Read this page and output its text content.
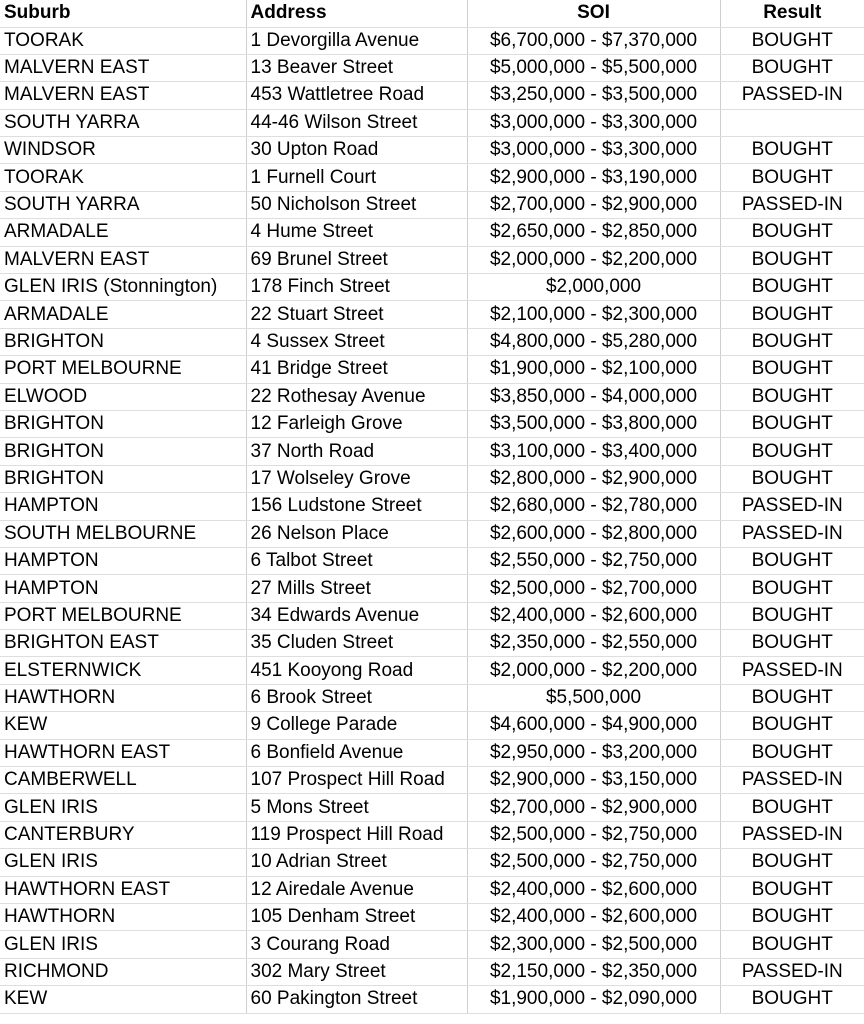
Suburb	Address	SOI	Result
TOORAK	1 Devorgilla Avenue	$6,700,000 - $7,370,000	BOUGHT
MALVERN EAST	13 Beaver Street	$5,000,000 - $5,500,000	BOUGHT
MALVERN EAST	453 Wattletree Road	$3,250,000 - $3,500,000	PASSED-IN
SOUTH YARRA	44-46 Wilson Street	$3,000,000 - $3,300,000	
WINDSOR	30 Upton Road	$3,000,000 - $3,300,000	BOUGHT
TOORAK	1 Furnell Court	$2,900,000 - $3,190,000	BOUGHT
SOUTH YARRA	50 Nicholson Street	$2,700,000 - $2,900,000	PASSED-IN
ARMADALE	4 Hume Street	$2,650,000 - $2,850,000	BOUGHT
MALVERN EAST	69 Brunel Street	$2,000,000 - $2,200,000	BOUGHT
GLEN IRIS (Stonnington)	178 Finch Street	$2,000,000	BOUGHT
ARMADALE	22 Stuart Street	$2,100,000 - $2,300,000	BOUGHT
BRIGHTON	4 Sussex Street	$4,800,000 - $5,280,000	BOUGHT
PORT MELBOURNE	41 Bridge Street	$1,900,000 - $2,100,000	BOUGHT
ELWOOD	22 Rothesay Avenue	$3,850,000 - $4,000,000	BOUGHT
BRIGHTON	12 Farleigh Grove	$3,500,000 - $3,800,000	BOUGHT
BRIGHTON	37 North Road	$3,100,000 - $3,400,000	BOUGHT
BRIGHTON	17 Wolseley Grove	$2,800,000 - $2,900,000	BOUGHT
HAMPTON	156 Ludstone Street	$2,680,000 - $2,780,000	PASSED-IN
SOUTH MELBOURNE	26 Nelson Place	$2,600,000 - $2,800,000	PASSED-IN
HAMPTON	6 Talbot Street	$2,550,000 - $2,750,000	BOUGHT
HAMPTON	27 Mills Street	$2,500,000 - $2,700,000	BOUGHT
PORT MELBOURNE	34 Edwards Avenue	$2,400,000 - $2,600,000	BOUGHT
BRIGHTON EAST	35 Cluden Street	$2,350,000 - $2,550,000	BOUGHT
ELSTERNWICK	451 Kooyong Road	$2,000,000 - $2,200,000	PASSED-IN
HAWTHORN	6 Brook Street	$5,500,000	BOUGHT
KEW	9 College Parade	$4,600,000 - $4,900,000	BOUGHT
HAWTHORN EAST	6 Bonfield Avenue	$2,950,000 - $3,200,000	BOUGHT
CAMBERWELL	107 Prospect Hill Road	$2,900,000 - $3,150,000	PASSED-IN
GLEN IRIS	5 Mons Street	$2,700,000 - $2,900,000	BOUGHT
CANTERBURY	119 Prospect Hill Road	$2,500,000 - $2,750,000	PASSED-IN
GLEN IRIS	10 Adrian Street	$2,500,000 - $2,750,000	BOUGHT
HAWTHORN EAST	12 Airedale Avenue	$2,400,000 - $2,600,000	BOUGHT
HAWTHORN	105 Denham Street	$2,400,000 - $2,600,000	BOUGHT
GLEN IRIS	3 Courang Road	$2,300,000 - $2,500,000	BOUGHT
RICHMOND	302 Mary Street	$2,150,000 - $2,350,000	PASSED-IN
KEW	60 Pakington Street	$1,900,000 - $2,090,000	BOUGHT
